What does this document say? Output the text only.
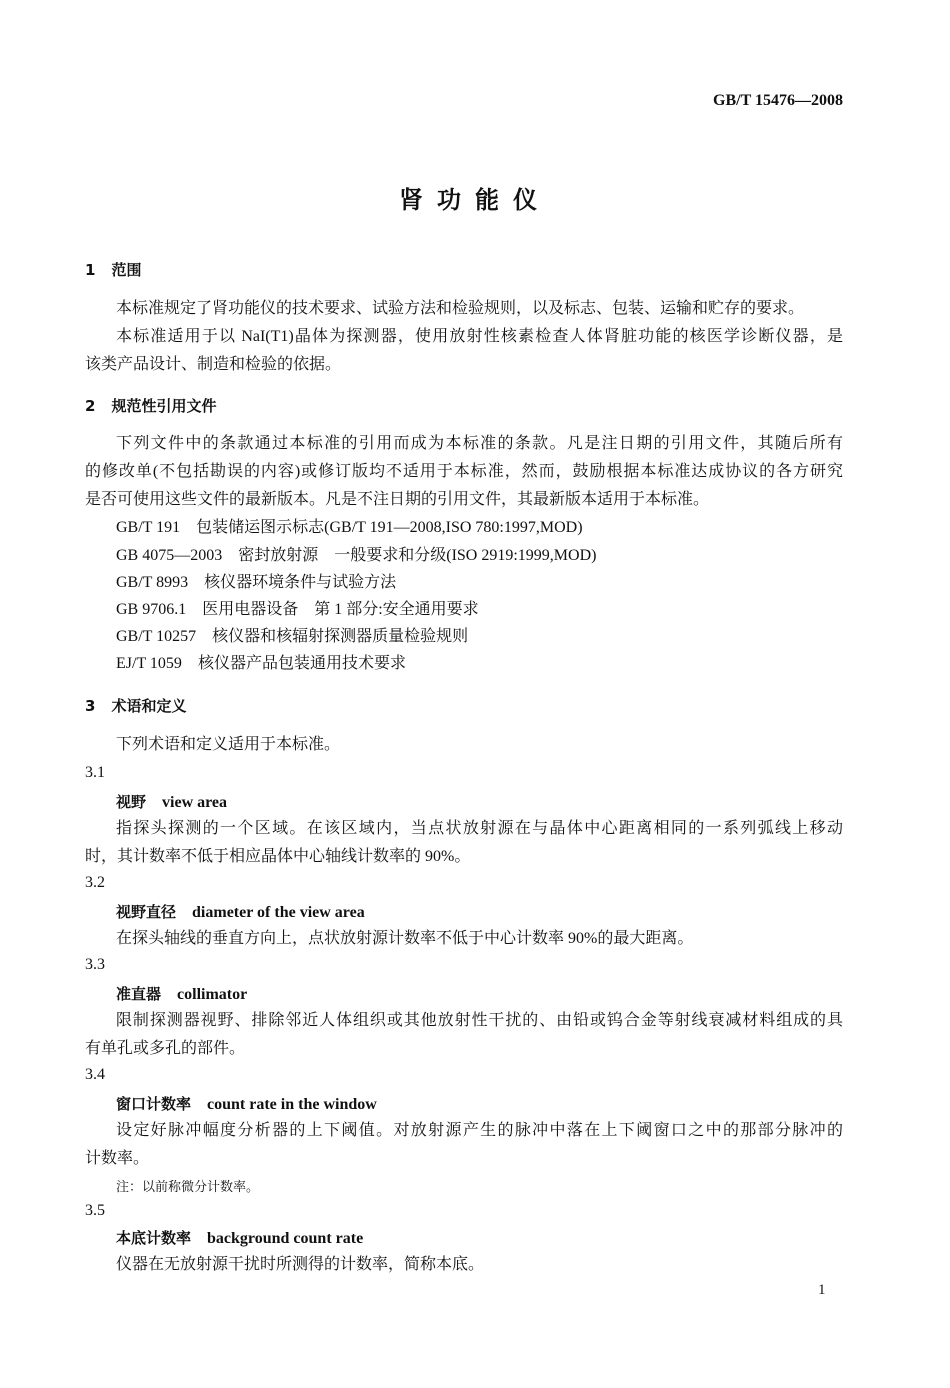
GB/T 15476—2008
肾功能仪
1 范围
本标准规定了肾功能仪的技术要求、试验方法和检验规则，以及标志、包装、运输和贮存的要求。
本标准适用于以 NaI(T1)晶体为探测器，使用放射性核素检查人体肾脏功能的核医学诊断仪器，是
该类产品设计、制造和检验的依据。
2 规范性引用文件
下列文件中的条款通过本标准的引用而成为本标准的条款。凡是注日期的引用文件，其随后所有
的修改单(不包括勘误的内容)或修订版均不适用于本标准，然而，鼓励根据本标准达成协议的各方研究
是否可使用这些文件的最新版本。凡是不注日期的引用文件，其最新版本适用于本标准。
GB/T 191 包装储运图示标志(GB/T 191—2008,ISO 780:1997,MOD)
GB 4075—2003 密封放射源　一般要求和分级(ISO 2919:1999,MOD)
GB/T 8993 核仪器环境条件与试验方法
GB 9706.1 医用电器设备　第 1 部分:安全通用要求
GB/T 10257 核仪器和核辐射探测器质量检验规则
EJ/T 1059 核仪器产品包装通用技术要求
3 术语和定义
下列术语和定义适用于本标准。
3.1
视野 view area
指探头探测的一个区域。在该区域内，当点状放射源在与晶体中心距离相同的一系列弧线上移动
时，其计数率不低于相应晶体中心轴线计数率的 90%。
3.2
视野直径 diameter of the view area
在探头轴线的垂直方向上，点状放射源计数率不低于中心计数率 90%的最大距离。
3.3
准直器 collimator
限制探测器视野、排除邻近人体组织或其他放射性干扰的、由铅或钨合金等射线衰减材料组成的具
有单孔或多孔的部件。
3.4
窗口计数率 count rate in the window
设定好脉冲幅度分析器的上下阈值。对放射源产生的脉冲中落在上下阈窗口之中的那部分脉冲的
计数率。
注：以前称微分计数率。
3.5
本底计数率 background count rate
仪器在无放射源干扰时所测得的计数率，简称本底。
1
